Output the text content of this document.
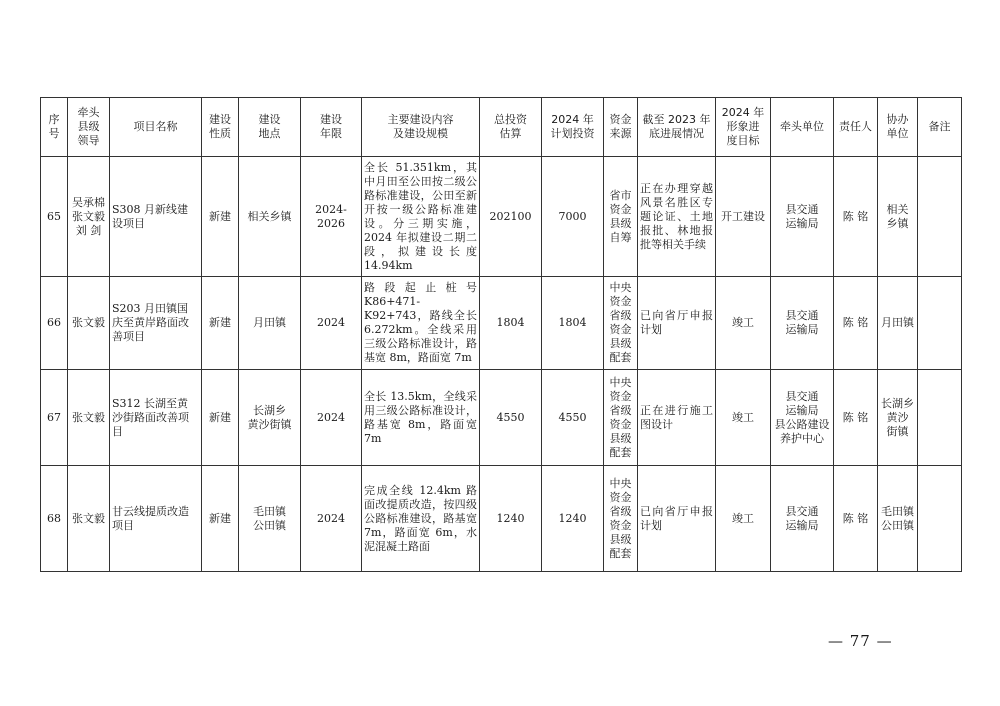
序
号	牵头
县级
领导	项目名称	建设
性质	建设
地点	建设
年限	主要建设内容
及建设规模	总投资
估算	2024 年
计划投资	资金
来源	截至 2023 年
底进展情况	2024 年
形象进
度目标	牵头单位	责任人	协办
单位	备注
65	吴承棉
张文毅
刘 剑	S308 月新线建设项目	新建	相关乡镇	2024-2026	全长 51.351km，其中月田至公田按二级公路标准建设，公田至新开按一级公路标准建设。分三期实施，2024 年拟建设二期二段，拟建设长度 14.94km	202100	7000	省市资金县级自筹	正在办理穿越风景名胜区专题论证、土地报批、林地报批等相关手续	开工建设	县交通
运输局	陈 铭	相关
乡镇	
66	张文毅	S203 月田镇国庆至黄岸路面改善项目	新建	月田镇	2024	路段起止桩号 K86+471-K92+743，路线全长 6.272km。全线采用三级公路标准设计，路基宽 8m，路面宽 7m	1804	1804	中央资金省级资金县级配套	已向省厅申报计划	竣工	县交通
运输局	陈 铭	月田镇	
67	张文毅	S312 长湖至黄沙街路面改善项目	新建	长湖乡
黄沙街镇	2024	全长 13.5km，全线采用三级公路标准设计，路基宽 8m，路面宽 7m	4550	4550	中央资金省级资金县级配套	正在进行施工图设计	竣工	县交通
运输局
县公路建设
养护中心	陈 铭	长湖乡
黄沙
街镇	
68	张文毅	甘云线提质改造项目	新建	毛田镇
公田镇	2024	完成全线 12.4km 路面改提质改造，按四级公路标准建设，路基宽 7m，路面宽 6m，水泥混凝土路面	1240	1240	中央资金省级资金县级配套	已向省厅申报计划	竣工	县交通
运输局	陈 铭	毛田镇
公田镇	
— 77 —
